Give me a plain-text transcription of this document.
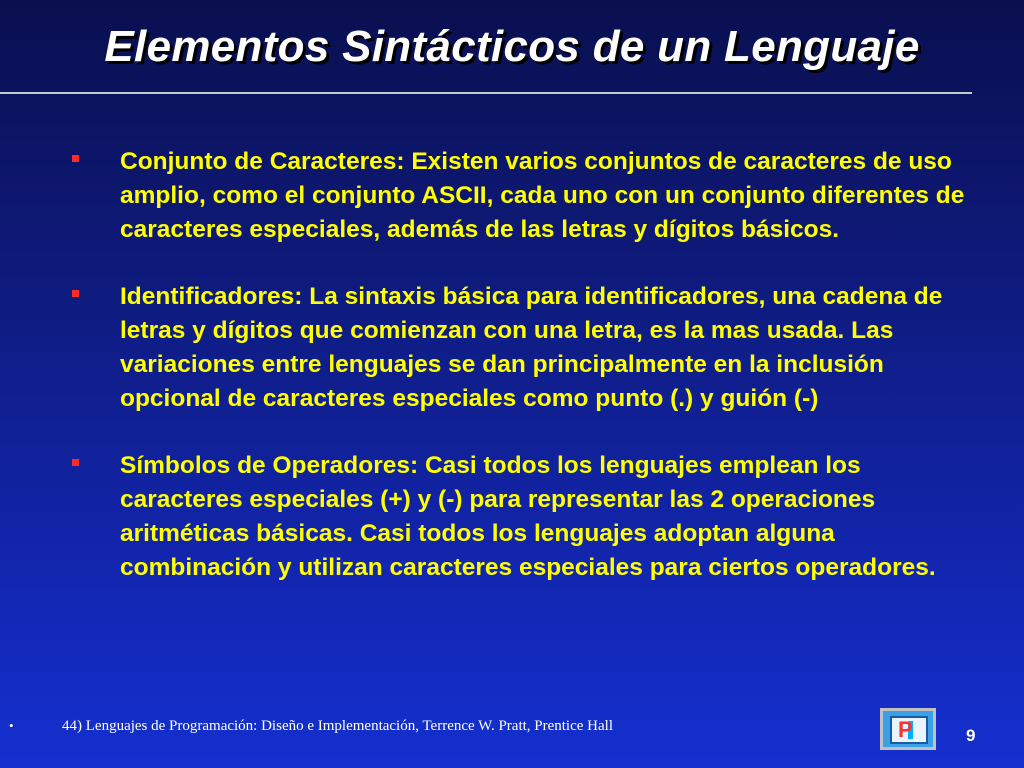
Elementos Sintácticos de un Lenguaje
Conjunto de Caracteres: Existen varios conjuntos de caracteres de uso amplio, como el conjunto ASCII, cada uno con un conjunto diferentes de caracteres especiales, además de las letras y dígitos básicos.
Identificadores: La sintaxis básica para identificadores, una cadena de letras y dígitos que comienzan con una letra, es la mas usada. Las variaciones entre lenguajes se dan principalmente en la inclusión opcional de caracteres especiales como punto (.) y guión (-)
Símbolos de Operadores: Casi todos los lenguajes emplean los caracteres especiales (+) y (-) para representar las 2 operaciones aritméticas básicas. Casi todos los lenguajes adoptan alguna combinación y utilizan caracteres especiales para ciertos operadores.
•	44) Lenguajes de Programación: Diseño e Implementación, Terrence W. Pratt, Prentice Hall	P	9
